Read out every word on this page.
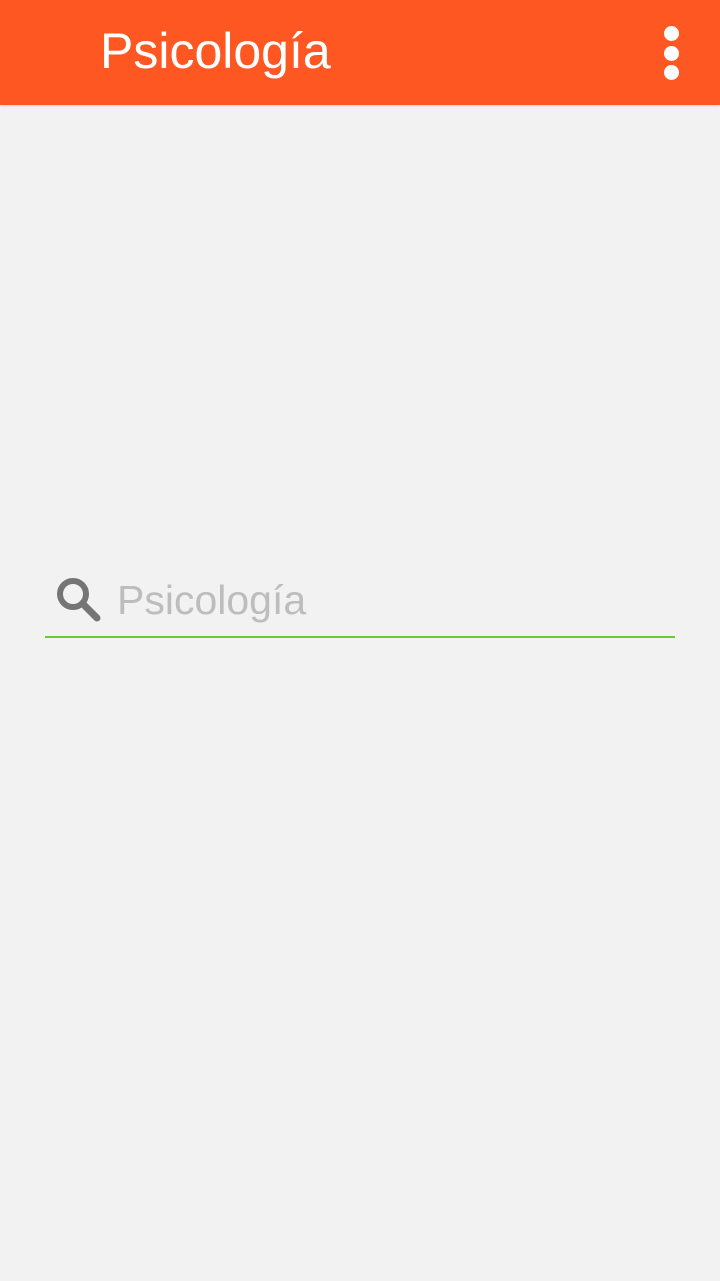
Psicología
Psicología
